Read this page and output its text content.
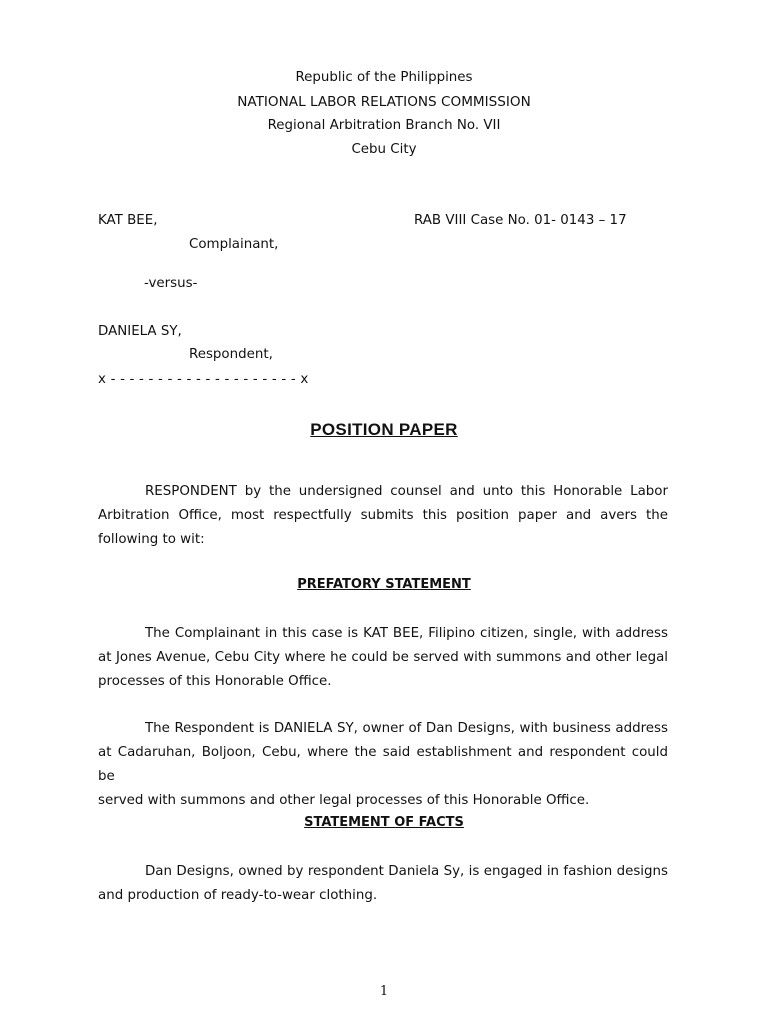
Republic of the Philippines
NATIONAL LABOR RELATIONS COMMISSION
Regional Arbitration Branch No. VII
Cebu City
KAT BEE,	RAB VIII Case No. 01- 0143 – 17
Complainant,
-versus-
DANIELA SY,
Respondent,
x - - - - - - - - - - - - - - - - - - - - x
POSITION PAPER
RESPONDENT by the undersigned counsel and unto this Honorable Labor
Arbitration Office, most respectfully submits this position paper and avers the
following to wit:
PREFATORY STATEMENT
The Complainant in this case is KAT BEE, Filipino citizen, single, with address
at Jones Avenue, Cebu City where he could be served with summons and other legal
processes of this Honorable Office.
The Respondent is DANIELA SY, owner of Dan Designs, with business address
at Cadaruhan, Boljoon, Cebu, where the said establishment and respondent could be
served with summons and other legal processes of this Honorable Office.
STATEMENT OF FACTS
Dan Designs, owned by respondent Daniela Sy, is engaged in fashion designs
and production of ready-to-wear clothing.
1
